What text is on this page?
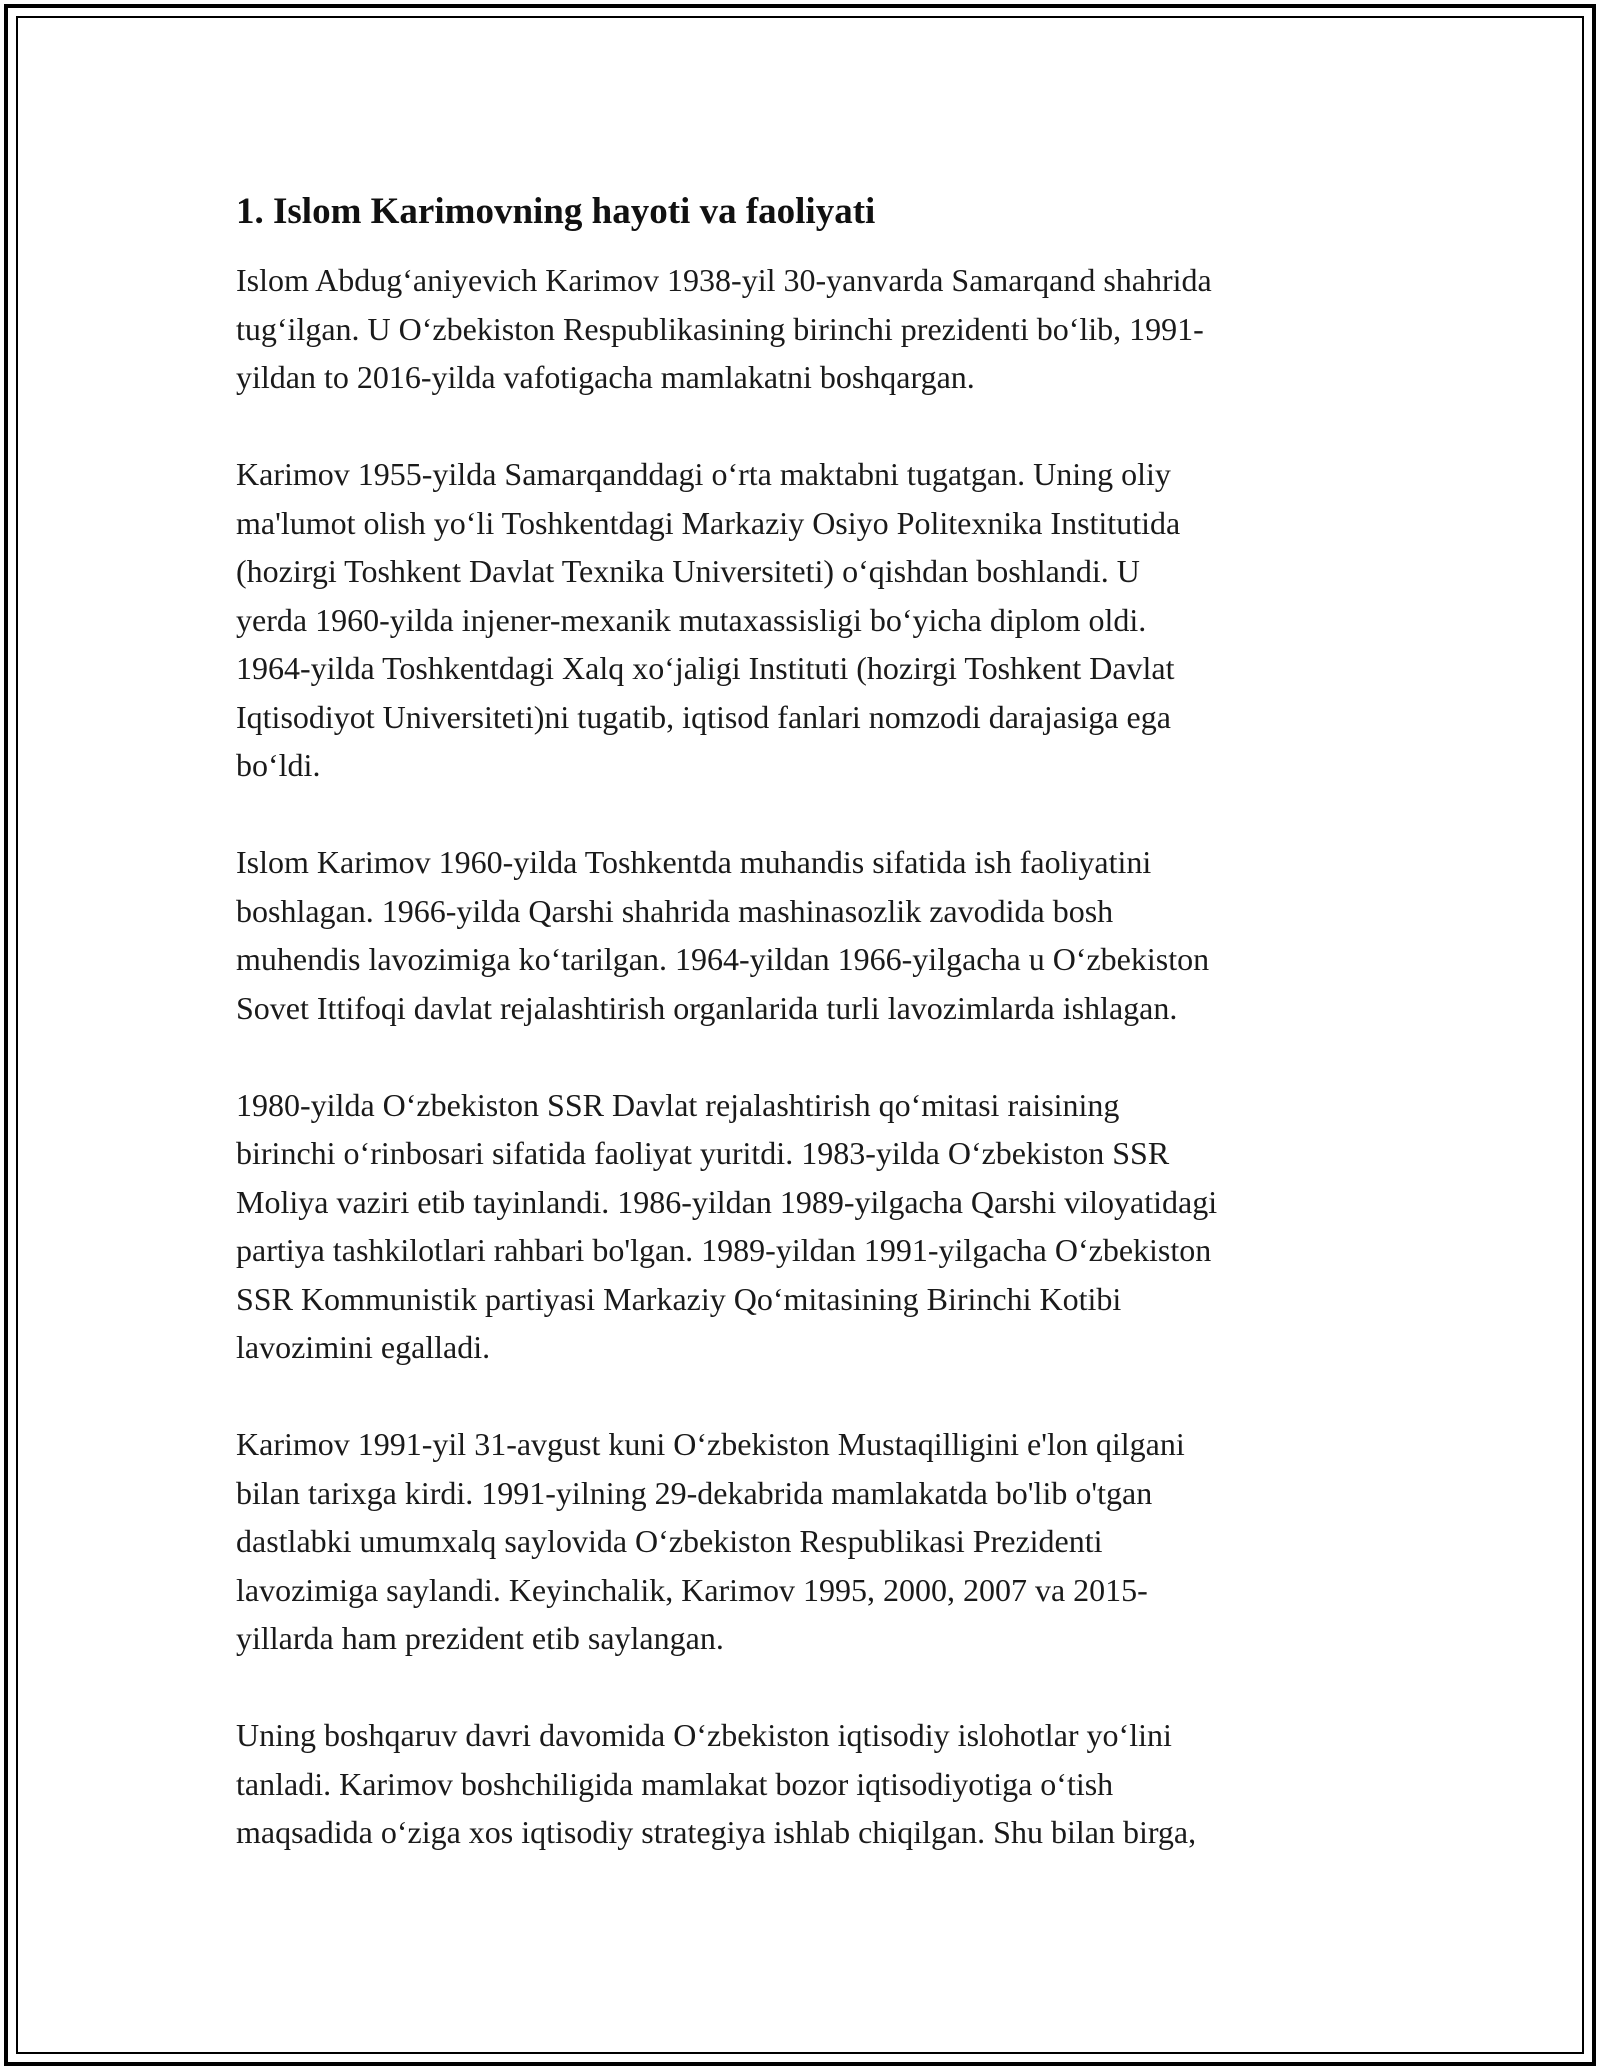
1. Islom Karimovning hayoti va faoliyati

Islom Abdugʻaniyevich Karimov 1938-yil 30-yanvarda Samarqand shahrida
tugʻilgan. U Oʻzbekiston Respublikasining birinchi prezidenti boʻlib, 1991-
yildan to 2016-yilda vafotigacha mamlakatni boshqargan.

Karimov 1955-yilda Samarqanddagi oʻrta maktabni tugatgan. Uning oliy
ma'lumot olish yoʻli Toshkentdagi Markaziy Osiyo Politexnika Institutida
(hozirgi Toshkent Davlat Texnika Universiteti) oʻqishdan boshlandi. U
yerda 1960-yilda injener-mexanik mutaxassisligi boʻyicha diplom oldi.
1964-yilda Toshkentdagi Xalq xoʻjaligi Instituti (hozirgi Toshkent Davlat
Iqtisodiyot Universiteti)ni tugatib, iqtisod fanlari nomzodi darajasiga ega
boʻldi.

Islom Karimov 1960-yilda Toshkentda muhandis sifatida ish faoliyatini
boshlagan. 1966-yilda Qarshi shahrida mashinasozlik zavodida bosh
muhendis lavozimiga koʻtarilgan. 1964-yildan 1966-yilgacha u Oʻzbekiston
Sovet Ittifoqi davlat rejalashtirish organlarida turli lavozimlarda ishlagan.

1980-yilda Oʻzbekiston SSR Davlat rejalashtirish qoʻmitasi raisining
birinchi oʻrinbosari sifatida faoliyat yuritdi. 1983-yilda Oʻzbekiston SSR
Moliya vaziri etib tayinlandi. 1986-yildan 1989-yilgacha Qarshi viloyatidagi
partiya tashkilotlari rahbari bo'lgan. 1989-yildan 1991-yilgacha Oʻzbekiston
SSR Kommunistik partiyasi Markaziy Qoʻmitasining Birinchi Kotibi
lavozimini egalladi.

Karimov 1991-yil 31-avgust kuni Oʻzbekiston Mustaqilligini e'lon qilgani
bilan tarixga kirdi. 1991-yilning 29-dekabrida mamlakatda bo'lib o'tgan
dastlabki umumxalq saylovida Oʻzbekiston Respublikasi Prezidenti
lavozimiga saylandi. Keyinchalik, Karimov 1995, 2000, 2007 va 2015-
yillarda ham prezident etib saylangan.

Uning boshqaruv davri davomida Oʻzbekiston iqtisodiy islohotlar yoʻlini
tanladi. Karimov boshchiligida mamlakat bozor iqtisodiyotiga oʻtish
maqsadida oʻziga xos iqtisodiy strategiya ishlab chiqilgan. Shu bilan birga,
